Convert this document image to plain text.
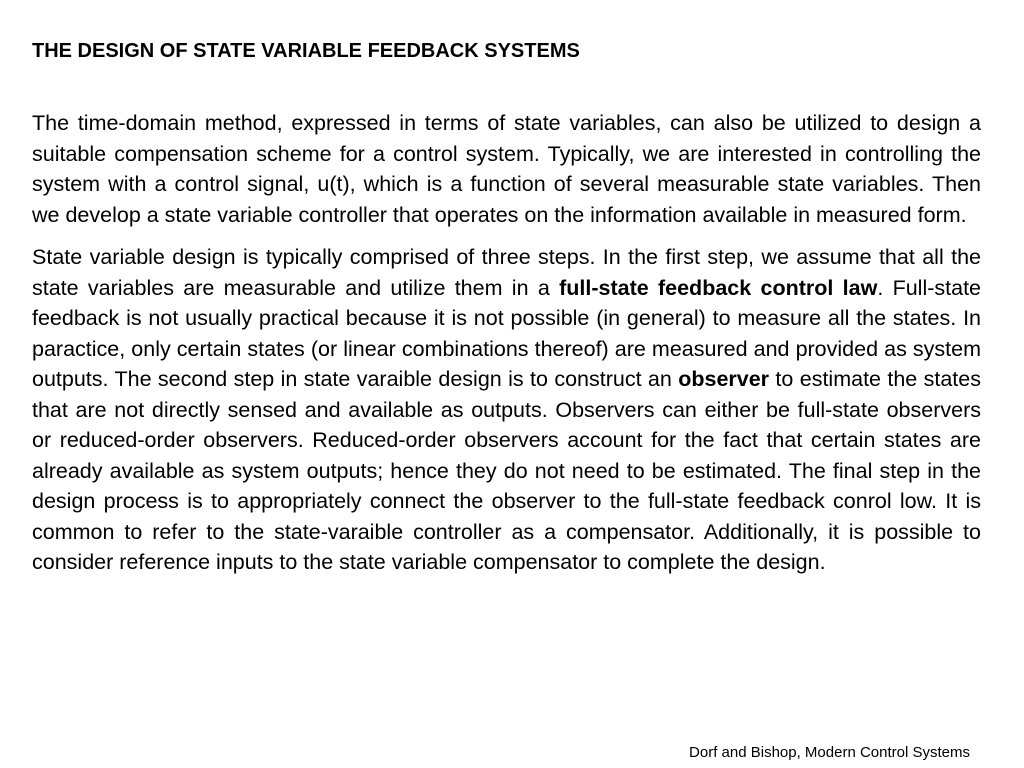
THE DESIGN OF STATE VARIABLE FEEDBACK SYSTEMS

The time-domain method, expressed in terms of state variables, can also be utilized to design a suitable compensation scheme for a control system. Typically, we are interested in controlling the system with a control signal, u(t), which is a function of several measurable state variables. Then we develop a state variable controller that operates on the information available in measured form.

State variable design is typically comprised of three steps. In the first step, we assume that all the state variables are measurable and utilize them in a full-state feedback control law. Full-state feedback is not usually practical because it is not possible (in general) to measure all the states. In paractice, only certain states (or linear combinations thereof) are measured and provided as system outputs. The second step in state varaible design is to construct an observer to estimate the states that are not directly sensed and available as outputs. Observers can either be full-state observers or reduced-order observers. Reduced-order observers account for the fact that certain states are already available as system outputs; hence they do not need to be estimated. The final step in the design process is to appropriately connect the observer to the full-state feedback conrol low. It is common to refer to the state-varaible controller as a compensator. Additionally, it is possible to consider reference inputs to the state variable compensator to complete the design.

Dorf and Bishop, Modern Control Systems
